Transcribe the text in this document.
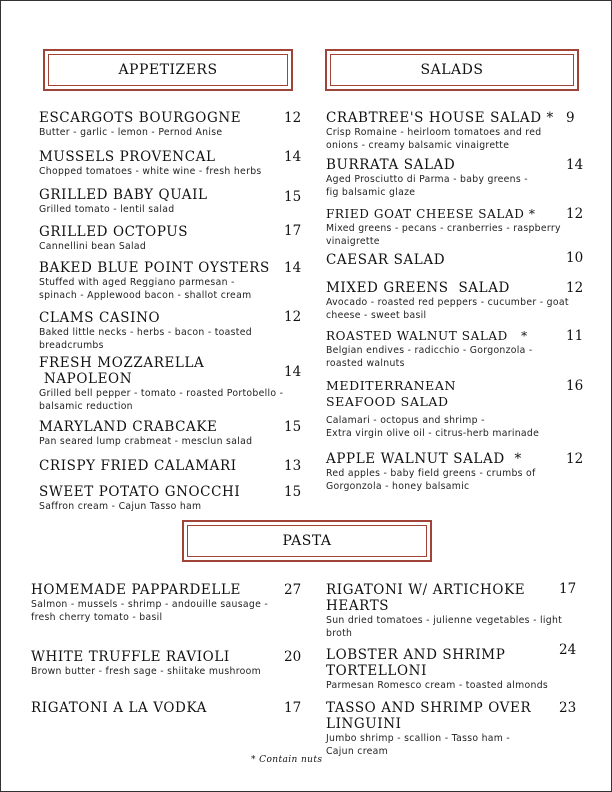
APPETIZERS	SALADS
PASTA
ESCARGOTS BOURGOGNE
Butter - garlic - lemon - Pernod Anise
12
MUSSELS PROVENCAL
Chopped tomatoes - white wine - fresh herbs
14
GRILLED BABY QUAIL
Grilled tomato - lentil salad
15
GRILLED OCTOPUS
Cannellini bean Salad
17
BAKED BLUE POINT OYSTERS
Stuffed with aged Reggiano parmesan -
spinach - Applewood bacon - shallot cream
14
CLAMS CASINO
Baked little necks - herbs - bacon - toasted
breadcrumbs
12
FRESH MOZZARELLA
NAPOLEON
Grilled bell pepper - tomato - roasted Portobello -
balsamic reduction
14
MARYLAND CRABCAKE
Pan seared lump crabmeat - mesclun salad
15
CRISPY FRIED CALAMARI	13
SWEET POTATO GNOCCHI
Saffron cream - Cajun Tasso ham
15
CRABTREE'S HOUSE SALAD *
Crisp Romaine - heirloom tomatoes and red
onions - creamy balsamic vinaigrette
9
BURRATA SALAD
Aged Prosciutto di Parma - baby greens -
fig balsamic glaze
14
FRIED GOAT CHEESE SALAD *
Mixed greens - pecans - cranberries - raspberry
vinaigrette
12
CAESAR SALAD	10
MIXED GREENS  SALAD
Avocado - roasted red peppers - cucumber - goat
cheese - sweet basil
12
ROASTED WALNUT SALAD   *
Belgian endives - radicchio - Gorgonzola -
roasted walnuts
11
MEDITERRANEAN
SEAFOOD SALAD
Calamari - octopus and shrimp -
Extra virgin olive oil - citrus-herb marinade
16
APPLE WALNUT SALAD  *
Red apples - baby field greens - crumbs of
Gorgonzola - honey balsamic
12
HOMEMADE PAPPARDELLE
Salmon - mussels - shrimp - andouille sausage -
fresh cherry tomato - basil
27
WHITE TRUFFLE RAVIOLI
Brown butter - fresh sage - shiitake mushroom
20
RIGATONI A LA VODKA	17
RIGATONI W/ ARTICHOKE
HEARTS
Sun dried tomatoes - julienne vegetables - light
broth
17
LOBSTER AND SHRIMP
TORTELLONI
Parmesan Romesco cream - toasted almonds
24
TASSO AND SHRIMP OVER
LINGUINI
Jumbo shrimp - scallion - Tasso ham -
Cajun cream
23
* Contain nuts
